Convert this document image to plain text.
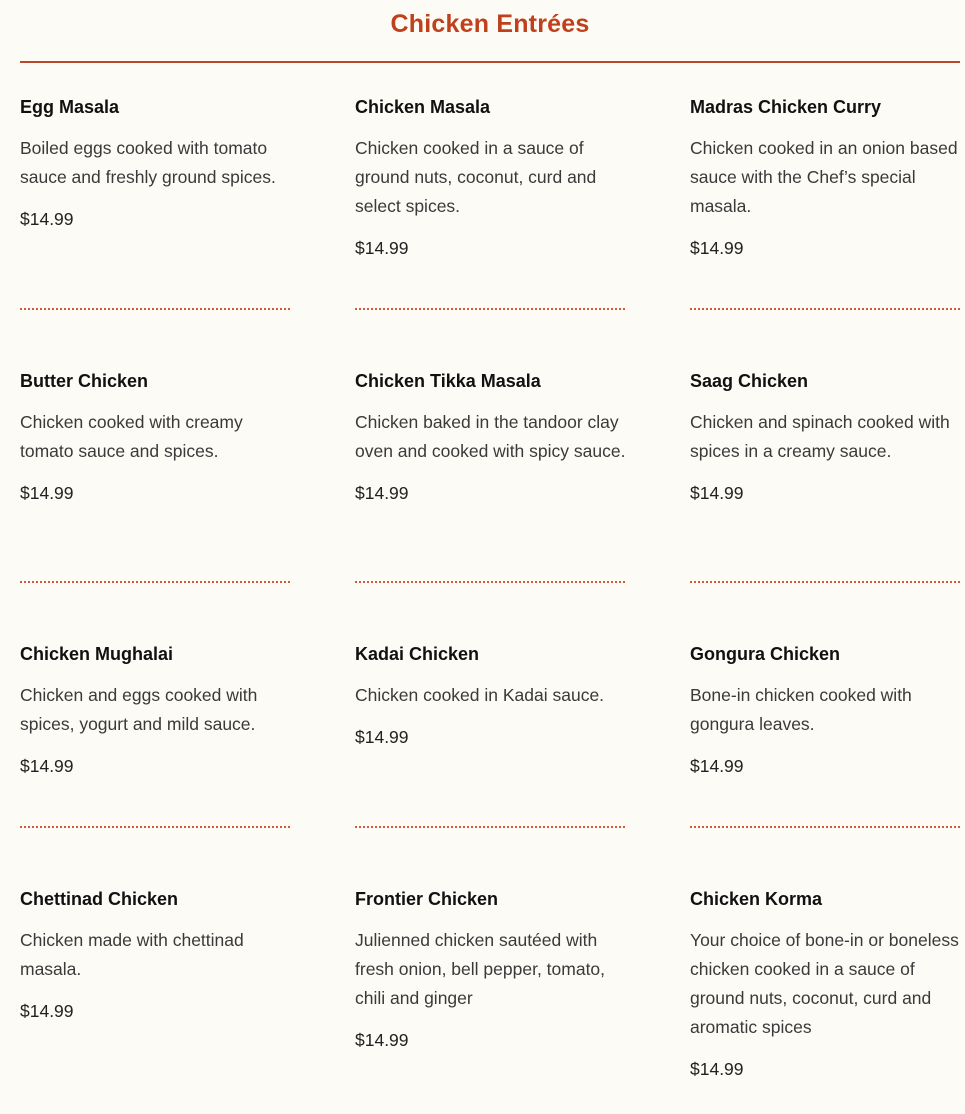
Chicken Entrées
Egg Masala

Boiled eggs cooked with tomato sauce and freshly ground spices.

$14.99

Chicken Masala

Chicken cooked in a sauce of ground nuts, coconut, curd and select spices.

$14.99

Madras Chicken Curry

Chicken cooked in an onion based sauce with the Chef’s special masala.

$14.99

Butter Chicken

Chicken cooked with creamy tomato sauce and spices.

$14.99

Chicken Tikka Masala

Chicken baked in the tandoor clay oven and cooked with spicy sauce.

$14.99

Saag Chicken

Chicken and spinach cooked with spices in a creamy sauce.

$14.99

Chicken Mughalai

Chicken and eggs cooked with spices, yogurt and mild sauce.

$14.99

Kadai Chicken

Chicken cooked in Kadai sauce.

$14.99

Gongura Chicken

Bone-in chicken cooked with gongura leaves.

$14.99

Chettinad Chicken

Chicken made with chettinad masala.

$14.99

Frontier Chicken

Julienned chicken sautéed with fresh onion, bell pepper, tomato, chili and ginger

$14.99

Chicken Korma

Your choice of bone-in or boneless chicken cooked in a sauce of ground nuts, coconut, curd and aromatic spices

$14.99
